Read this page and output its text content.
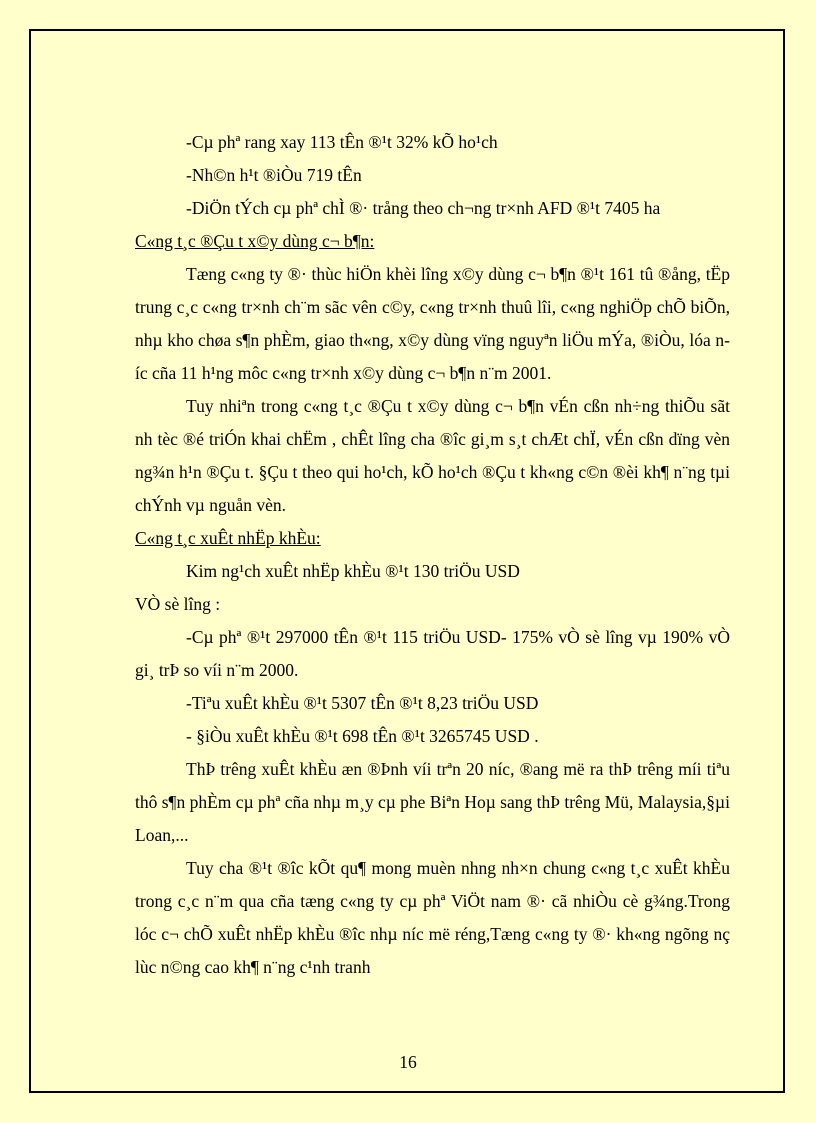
-Cµ phª rang xay 113 tÊn ®¹t 32% kÕ ho¹ch

-Nh©n h¹t ®iÒu 719 tÊn

-DiÖn tÝch cµ phª chÌ ®· trång theo ch¬ng tr×nh AFD ®¹t 7405 ha

C«ng t¸c ®Çu t x©y dùng c¬ b¶n:

Tæng c«ng ty ®· thùc hiÖn khèi lîng x©y dùng c¬ b¶n ®¹t 161 tû ®ång, tËp trung c¸c c«ng tr×nh ch¨m sãc vên c©y, c«ng tr×nh thuû lîi, c«ng nghiÖp chÕ biÕn, nhµ kho chøa s¶n phÈm, giao th«ng, x©y dùng vïng nguyªn liÖu mÝa, ®iÒu, lóa níc cña 11 h¹ng môc c«ng tr×nh x©y dùng c¬ b¶n n¨m 2001.

Tuy nhiªn trong c«ng t¸c ®Çu t x©y dùng c¬ b¶n vÉn cßn nh÷ng thiÕu sãt nh tèc ®é triÓn khai chËm , chÊt lîng cha ®îc gi¸m s¸t chÆt chÏ, vÉn cßn dïng vèn ng¾n h¹n ®Çu t. §Çu t theo qui ho¹ch, kÕ ho¹ch ®Çu t kh«ng c©n ®èi kh¶ n¨ng tµi chÝnh vµ nguån vèn.

C«ng t¸c xuÊt nhËp khÈu:

Kim ng¹ch xuÊt nhËp khÈu ®¹t 130 triÖu USD

VÒ sè lîng :

-Cµ phª ®¹t 297000 tÊn ®¹t 115 triÖu USD- 175% vÒ sè lîng vµ 190% vÒ gi¸ trÞ so víi n¨m 2000.

-Tiªu xuÊt khÈu ®¹t 5307 tÊn ®¹t 8,23 triÖu USD

- §iÒu xuÊt khÈu ®¹t 698 tÊn ®¹t 3265745 USD .

ThÞ trêng xuÊt khÈu æn ®Þnh víi trªn 20 níc, ®ang më ra thÞ trêng míi tiªu thô s¶n phÈm cµ phª cña nhµ m¸y cµ phe Biªn Hoµ sang thÞ trêng Mü, Malaysia,§µi Loan,...

Tuy cha ®¹t ®îc kÕt qu¶ mong muèn nhng nh×n chung c«ng t¸c xuÊt khÈu trong c¸c n¨m qua cña tæng c«ng ty cµ phª ViÖt nam ®· cã nhiÒu cè g¾ng.Trong lóc c¬ chÕ xuÊt nhËp khÈu ®îc nhµ níc më réng,Tæng c«ng ty ®· kh«ng ngõng nç lùc n©ng cao kh¶ n¨ng c¹nh tranh

16
